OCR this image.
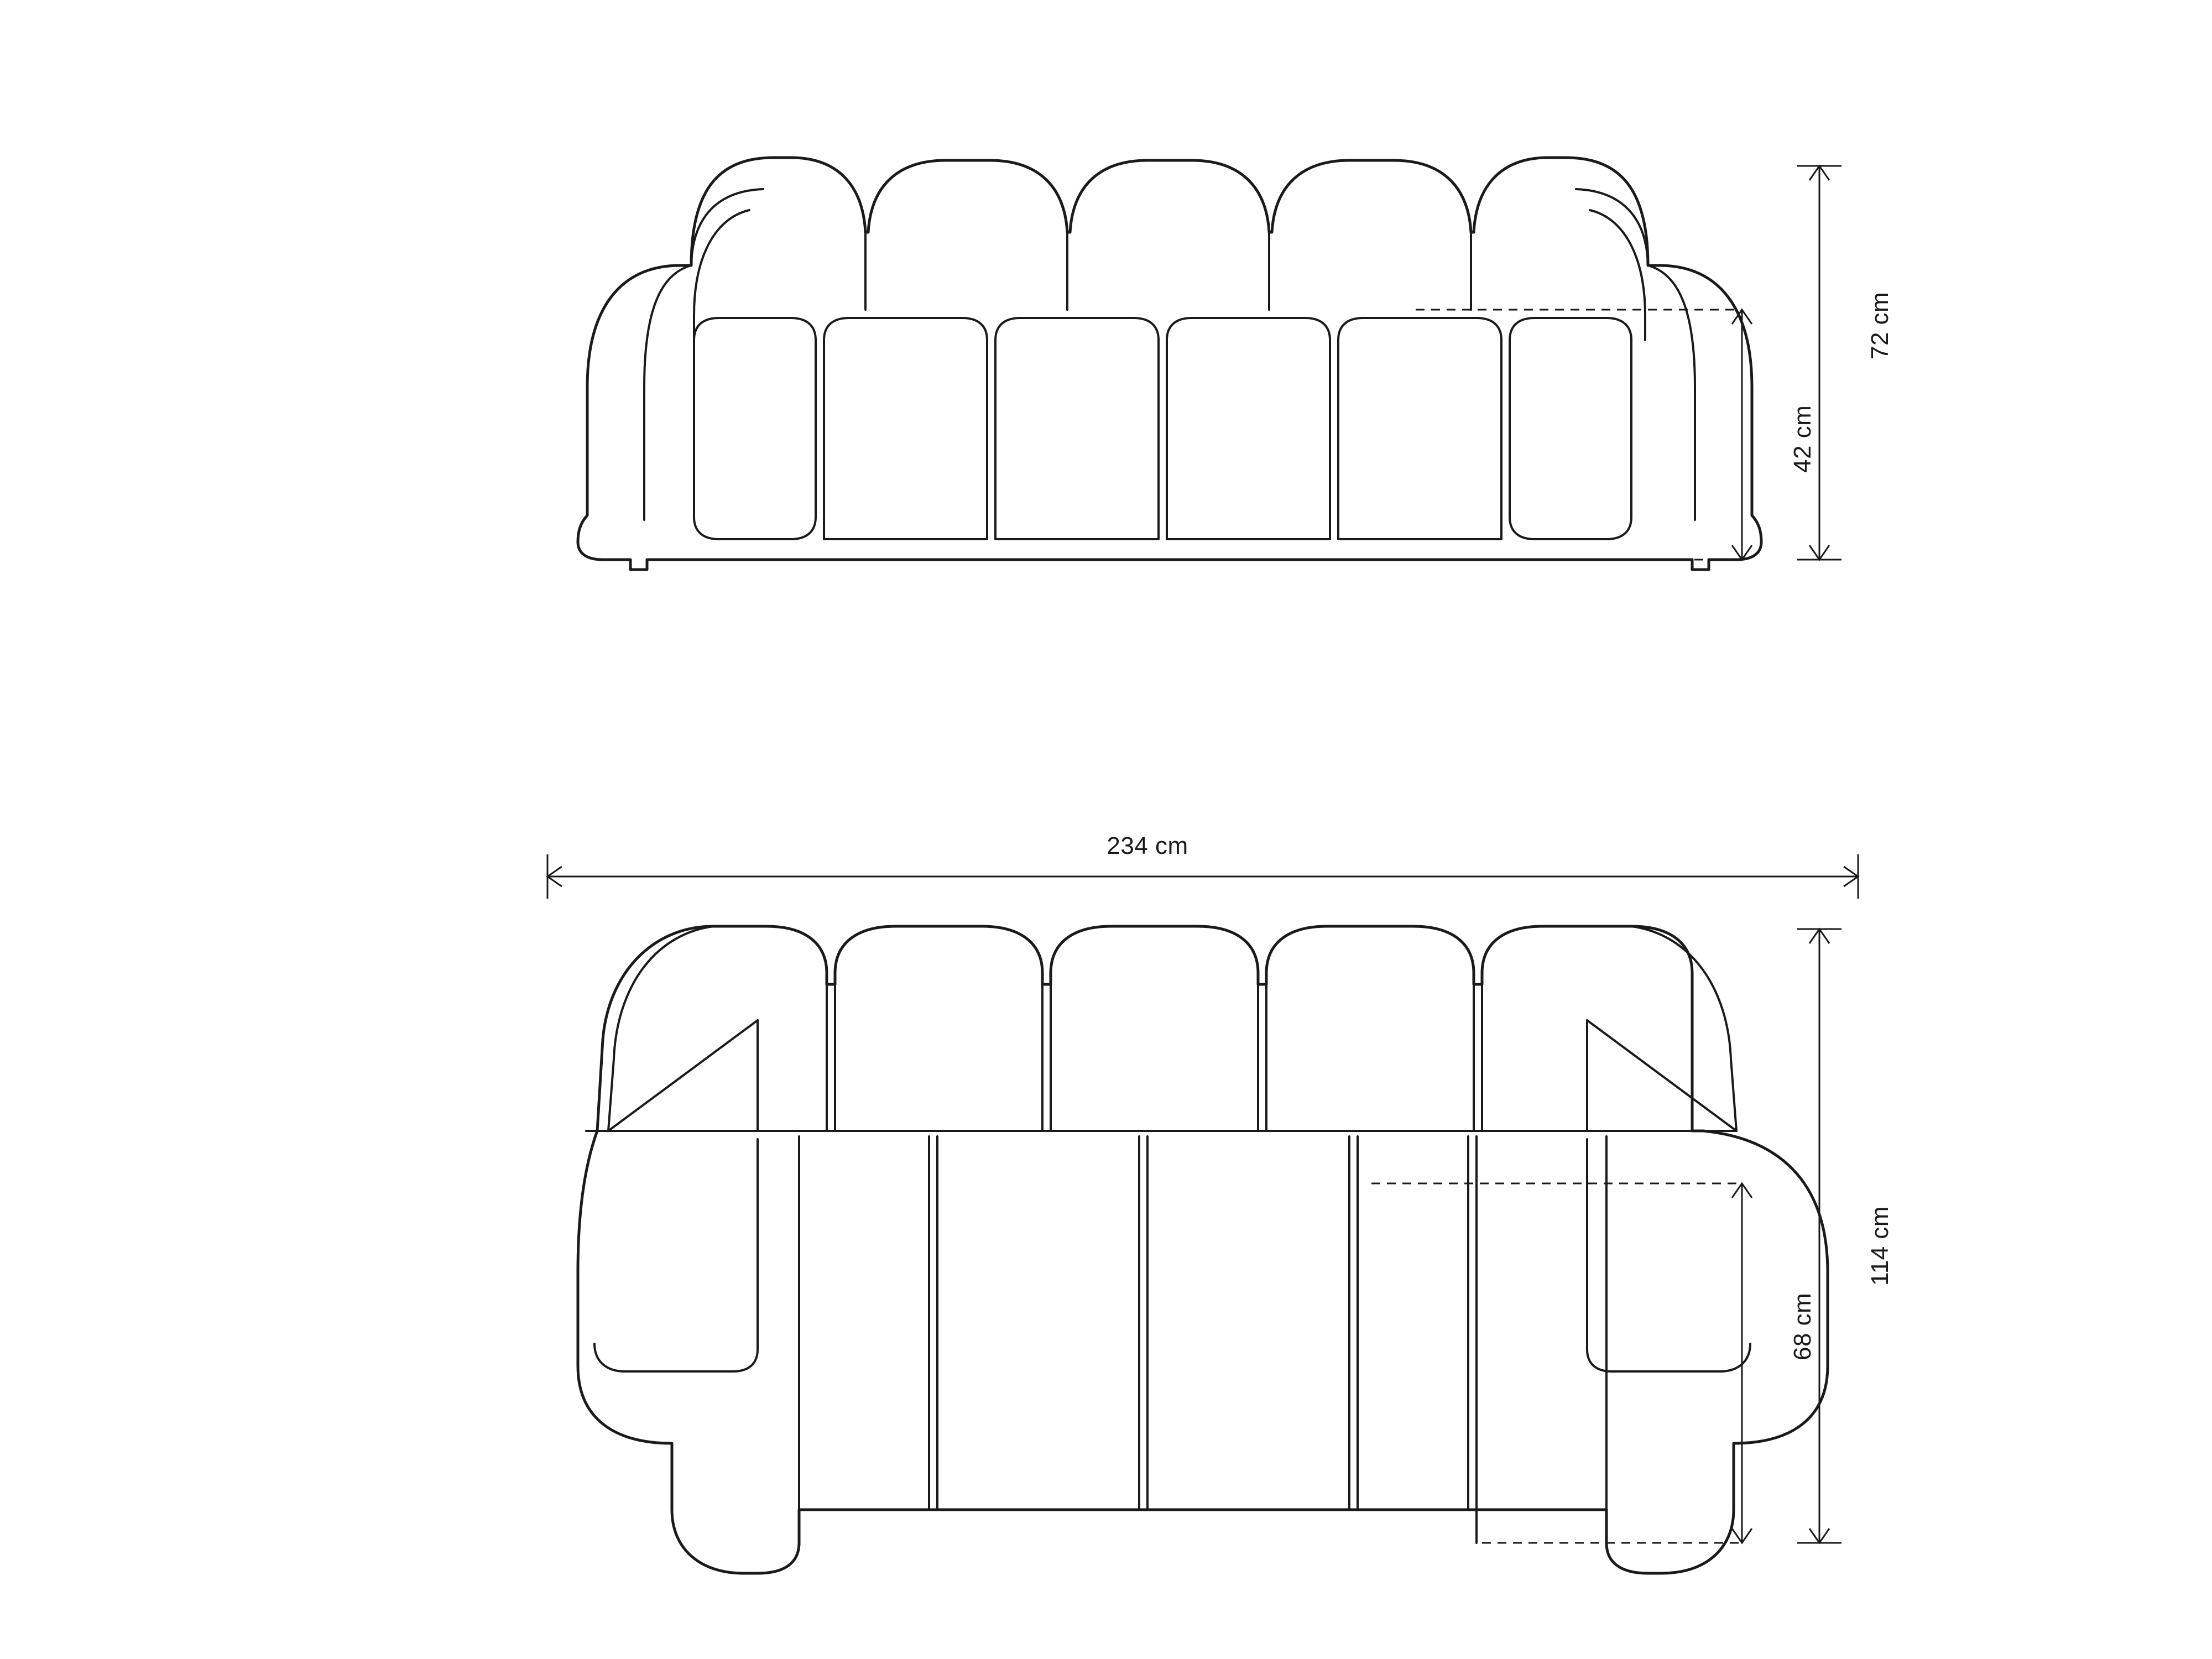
72 cm
42 cm
234 cm
114 cm
68 cm
